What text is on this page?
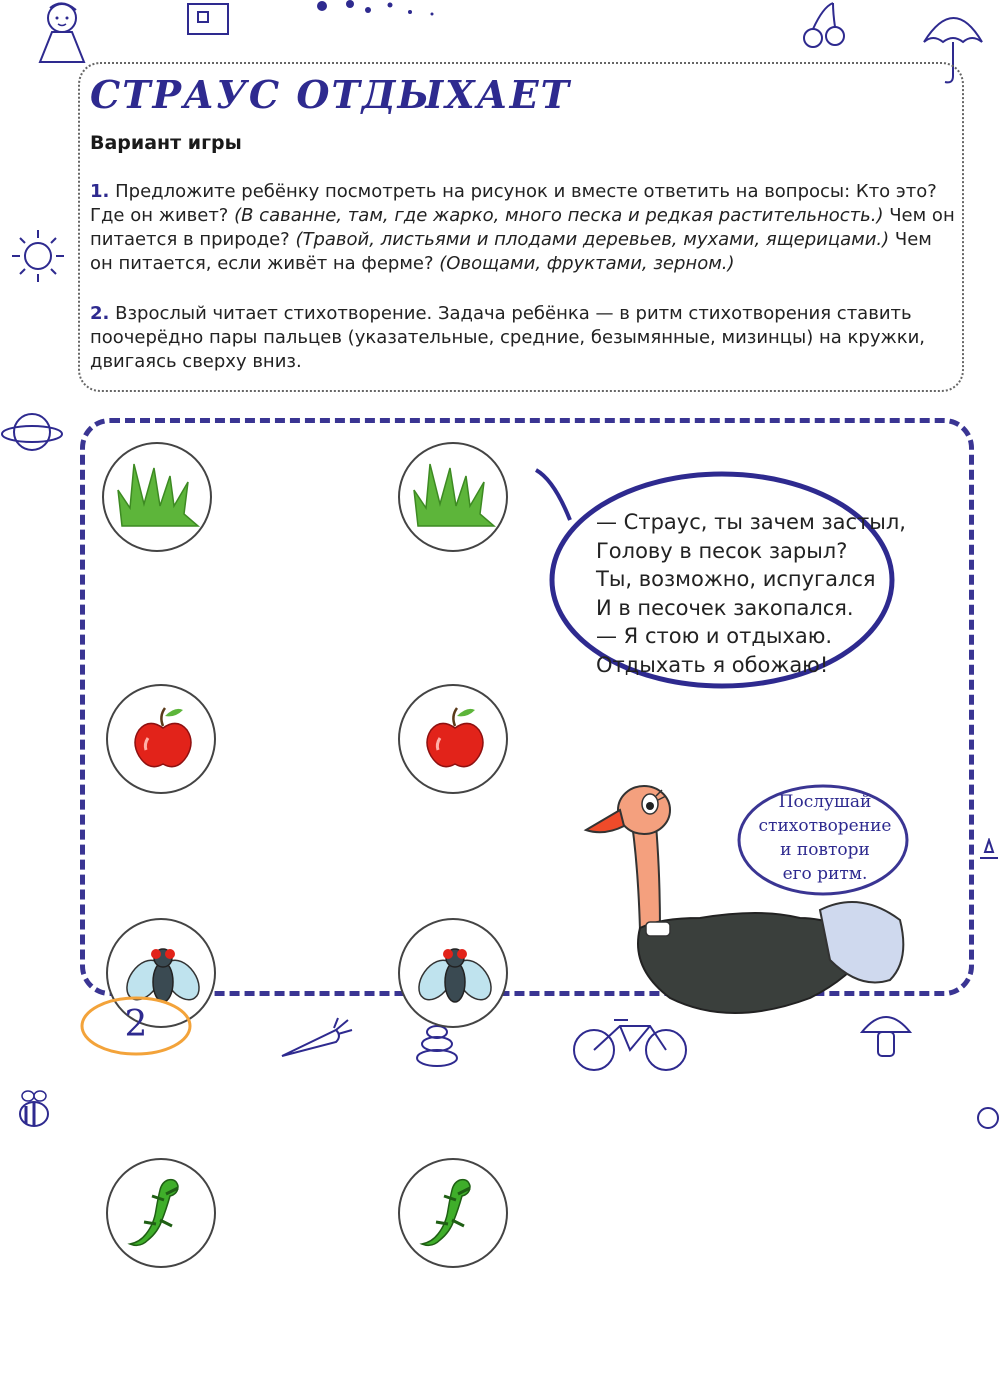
СТРАУС ОТДЫХАЕТ
Вариант игры
1. Предложите ребёнку посмотреть на рисунок и вместе ответить на вопросы: Кто это? Где он живет? (В саванне, там, где жарко, много песка и редкая растительность.) Чем он питается в природе? (Травой, листьями и плодами деревьев, мухами, ящерицами.) Чем он питается, если живёт на ферме? (Овощами, фруктами, зерном.)
2. Взрослый читает стихотворение. Задача ребёнка — в ритм стихотворения ставить поочерёдно пары пальцев (указательные, средние, безымянные, мизинцы) на кружки, двигаясь сверху вниз.
— Страус, ты зачем застыл,
Голову в песок зарыл?
Ты, возможно, испугался
И в песочек закопался.
— Я стою и отдыхаю.
Отдыхать я обожаю!
Послушай
стихотворение
и повтори
его ритм.
2
